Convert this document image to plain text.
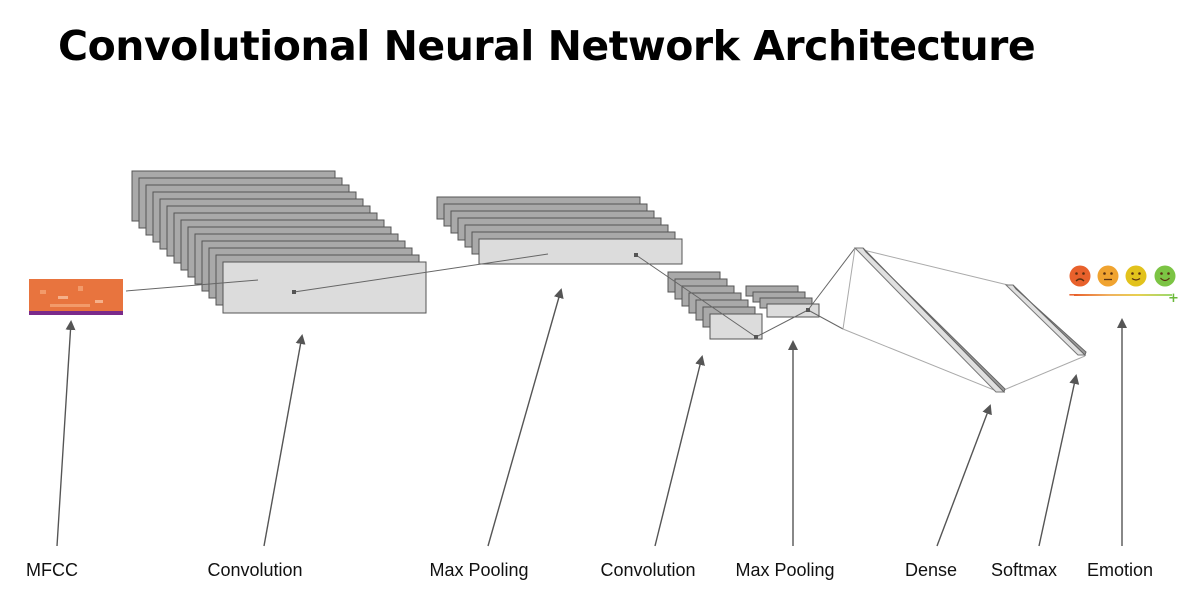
Convolutional Neural Network Architecture
−	+
MFCC	Convolution	Max Pooling	Convolution Max Pooling	Dense Softmax Emotion
